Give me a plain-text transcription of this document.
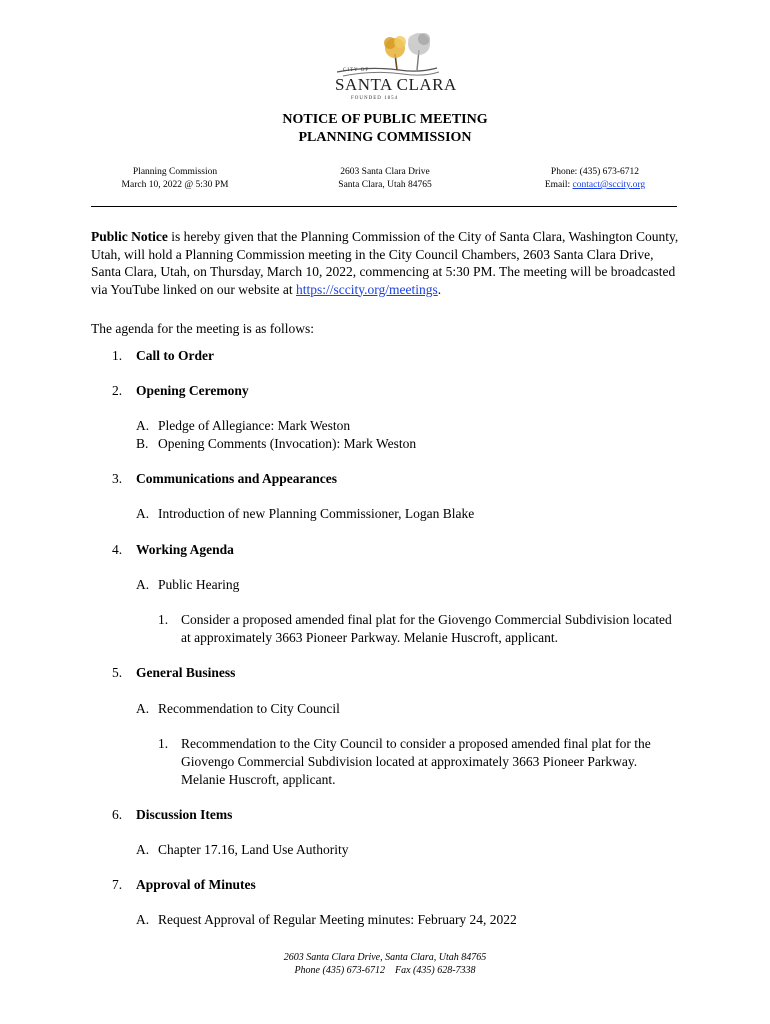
CITY OF
SANTA CLARA
FOUNDED 1854
NOTICE OF PUBLIC MEETING
PLANNING COMMISSION
Planning Commission
March 10, 2022 @ 5:30 PM
2603 Santa Clara Drive
Santa Clara, Utah 84765
Phone: (435) 673-6712
Email: contact@sccity.org
Public Notice is hereby given that the Planning Commission of the City of Santa Clara, Washington County,
Utah, will hold a Planning Commission meeting in the City Council Chambers, 2603 Santa Clara Drive,
Santa Clara, Utah, on Thursday, March 10, 2022, commencing at 5:30 PM. The meeting will be broadcasted
via YouTube linked on our website at https://sccity.org/meetings.
The agenda for the meeting is as follows:
1. Call to Order
2. Opening Ceremony
A. Pledge of Allegiance: Mark Weston
B. Opening Comments (Invocation): Mark Weston
3. Communications and Appearances
A. Introduction of new Planning Commissioner, Logan Blake
4. Working Agenda
A. Public Hearing
1. Consider a proposed amended final plat for the Giovengo Commercial Subdivision located
at approximately 3663 Pioneer Parkway. Melanie Huscroft, applicant.
5. General Business
A. Recommendation to City Council
1. Recommendation to the City Council to consider a proposed amended final plat for the
Giovengo Commercial Subdivision located at approximately 3663 Pioneer Parkway.
Melanie Huscroft, applicant.
6. Discussion Items
A. Chapter 17.16, Land Use Authority
7. Approval of Minutes
A. Request Approval of Regular Meeting minutes: February 24, 2022
2603 Santa Clara Drive, Santa Clara, Utah 84765
Phone (435) 673-6712    Fax (435) 628-7338
